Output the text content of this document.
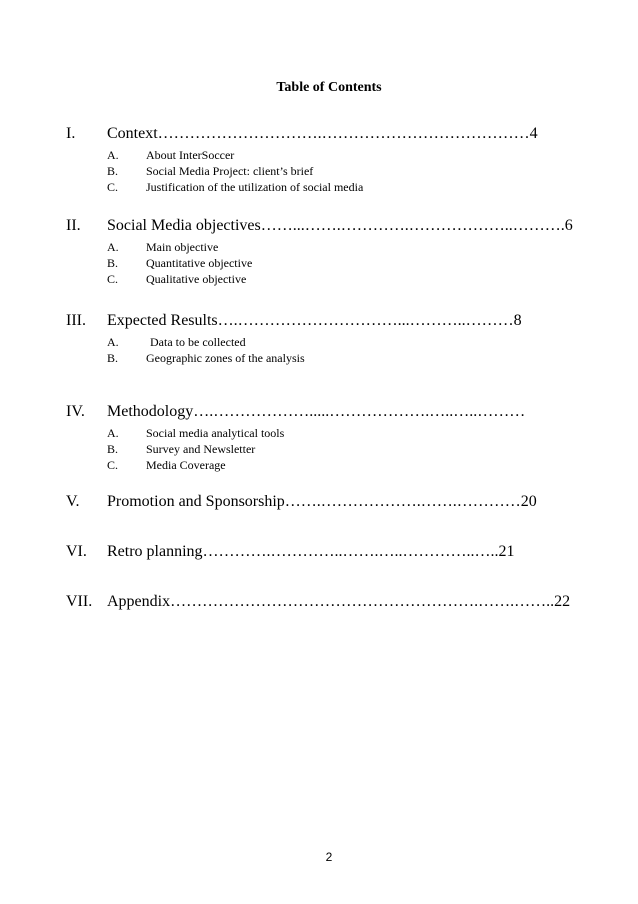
Table of Contents
I. Context………………………….…………………………………4
A. About InterSoccer
B. Social Media Project: client’s brief
C. Justification of the utilization of social media
II. Social Media objectives……...…….………….………………..……….6
A. Main objective
B. Quantitative objective
C. Qualitative objective
III. Expected Results….…………………………...………..………8
A.	Data to be collected
B. Geographic zones of the analysis
IV. Methodology….……………….....……………….…..…..………
A. Social media analytical tools
B. Survey and Newsletter
C. Media Coverage
V. Promotion and Sponsorship…….……………….…….…………20
VI. Retro planning………….…………..…….…..…………..…..21
VII. Appendix………………………………………………….…….……..22
2
